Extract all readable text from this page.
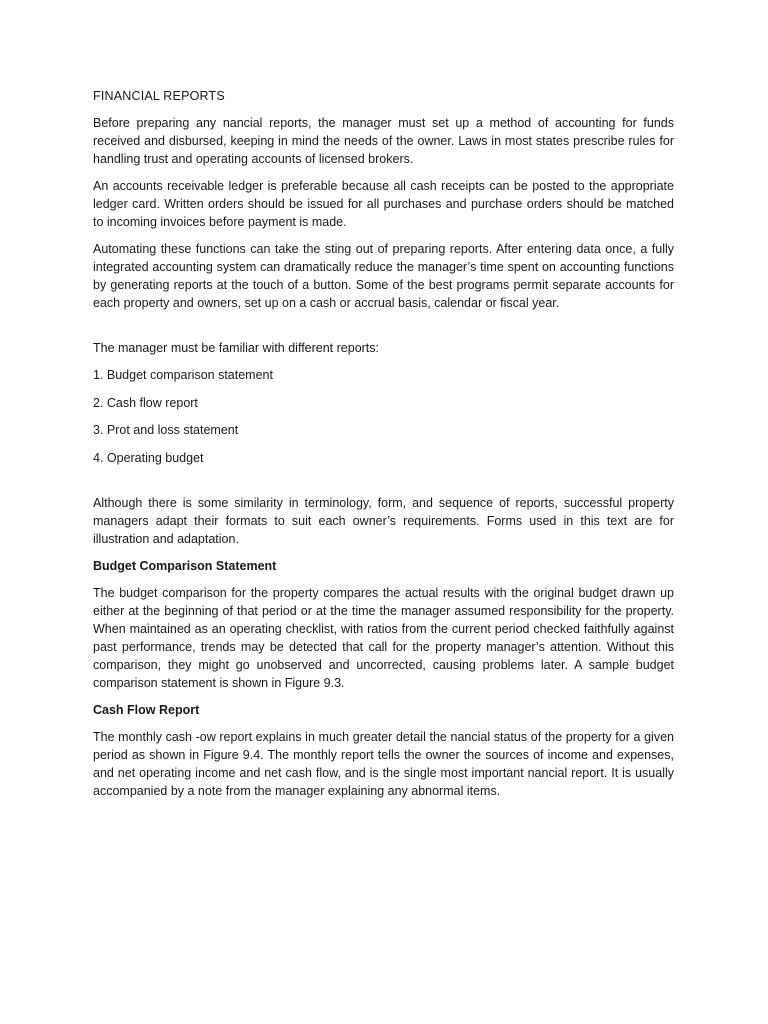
FINANCIAL REPORTS

Before preparing any nancial reports, the manager must set up a method of accounting for funds received and disbursed, keeping in mind the needs of the owner. Laws in most states prescribe rules for handling trust and operating accounts of licensed brokers.

An accounts receivable ledger is preferable because all cash receipts can be posted to the appropriate ledger card. Written orders should be issued for all purchases and purchase orders should be matched to incoming invoices before payment is made.

Automating these functions can take the sting out of preparing reports. After entering data once, a fully integrated accounting system can dramatically reduce the manager’s time spent on accounting functions by generating reports at the touch of a button. Some of the best programs permit separate accounts for each property and owners, set up on a cash or accrual basis, calendar or fiscal year.

The manager must be familiar with different reports:

1. Budget comparison statement
2. Cash flow report
3. Prot and loss statement
4. Operating budget

Although there is some similarity in terminology, form, and sequence of reports, successful property managers adapt their formats to suit each owner’s requirements. Forms used in this text are for illustration and adaptation.

Budget Comparison Statement

The budget comparison for the property compares the actual results with the original budget drawn up either at the beginning of that period or at the time the manager assumed responsibility for the property. When maintained as an operating checklist, with ratios from the current period checked faithfully against past performance, trends may be detected that call for the property manager’s attention. Without this comparison, they might go unobserved and uncorrected, causing problems later. A sample budget comparison statement is shown in Figure 9.3.

Cash Flow Report

The monthly cash -ow report explains in much greater detail the nancial status of the property for a given period as shown in Figure 9.4. The monthly report tells the owner the sources of income and expenses, and net operating income and net cash flow, and is the single most important nancial report. It is usually accompanied by a note from the manager explaining any abnormal items.
